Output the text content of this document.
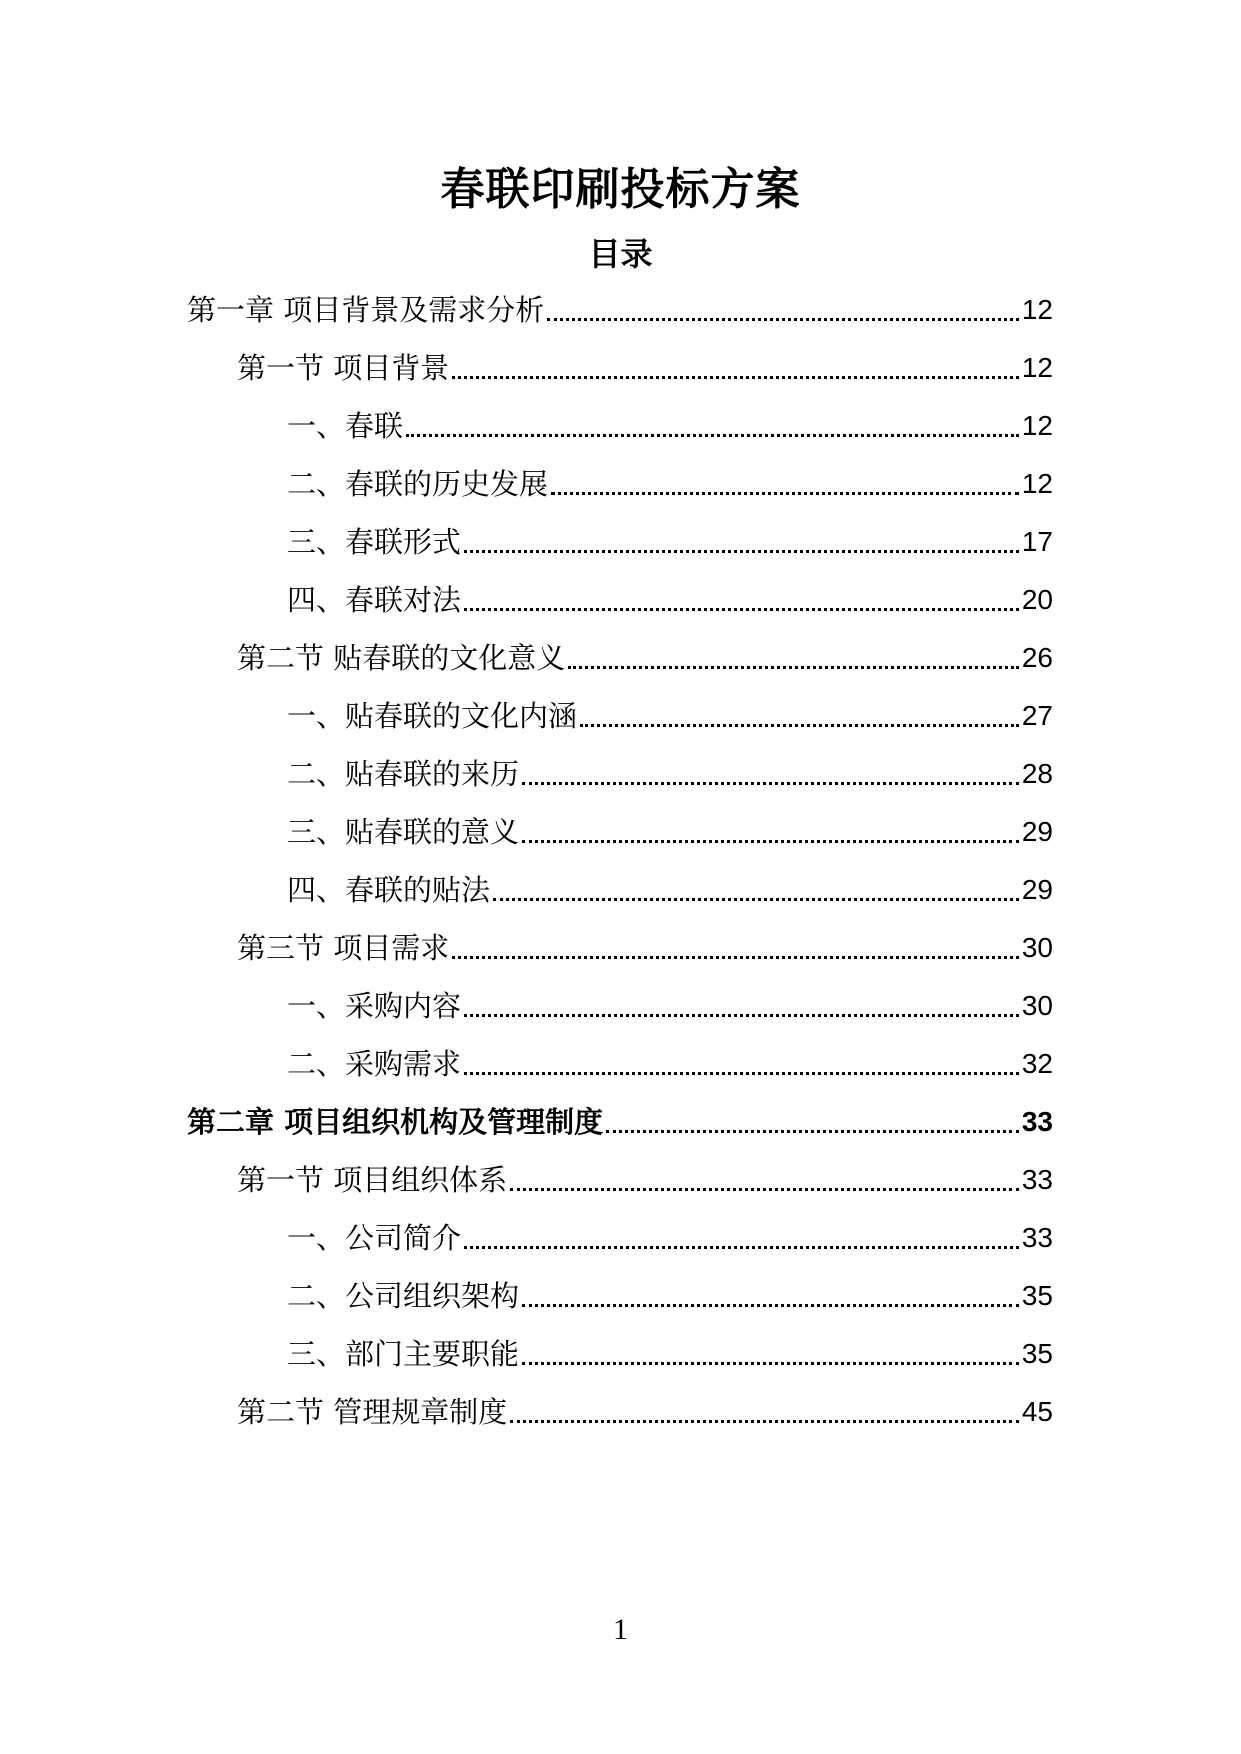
春联印刷投标方案
目录
第一章 项目背景及需求分析	12
第一节 项目背景	12
一、春联	12
二、春联的历史发展	12
三、春联形式	17
四、春联对法	20
第二节 贴春联的文化意义	26
一、贴春联的文化内涵	27
二、贴春联的来历	28
三、贴春联的意义	29
四、春联的贴法	29
第三节 项目需求	30
一、采购内容	30
二、采购需求	32
第二章 项目组织机构及管理制度	33
第一节 项目组织体系	33
一、公司简介	33
二、公司组织架构	35
三、部门主要职能	35
第二节 管理规章制度	45
1
